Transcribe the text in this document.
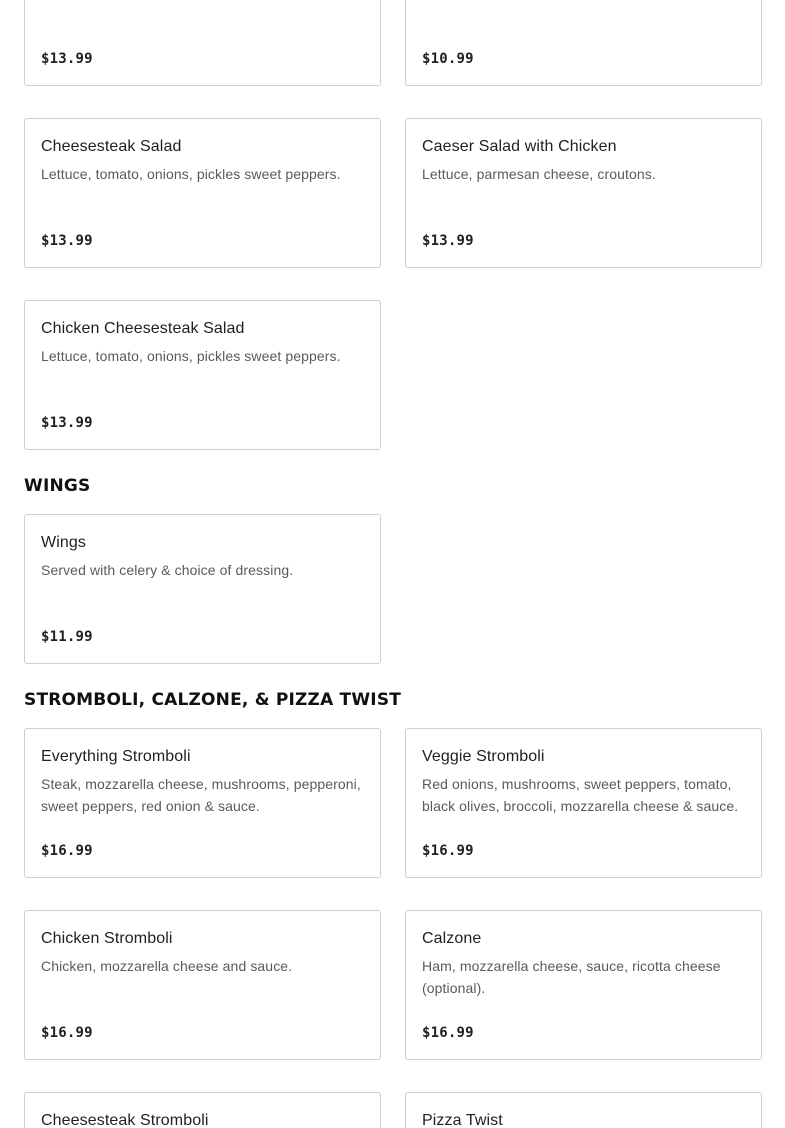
$13.99	$10.99
Cheesesteak Salad
Lettuce, tomato, onions, pickles sweet peppers.
$13.99
Caeser Salad with Chicken
Lettuce, parmesan cheese, croutons.
$13.99
Chicken Cheesesteak Salad
Lettuce, tomato, onions, pickles sweet peppers.
$13.99
WINGS
Wings
Served with celery & choice of dressing.
$11.99
STROMBOLI, CALZONE, & PIZZA TWIST
Everything Stromboli
Steak, mozzarella cheese, mushrooms, pepperoni, sweet peppers, red onion & sauce.
$16.99
Veggie Stromboli
Red onions, mushrooms, sweet peppers, tomato, black olives, broccoli, mozzarella cheese & sauce.
$16.99
Chicken Stromboli
Chicken, mozzarella cheese and sauce.
$16.99
Calzone
Ham, mozzarella cheese, sauce, ricotta cheese (optional).
$16.99
Cheesesteak Stromboli	Pizza Twist
